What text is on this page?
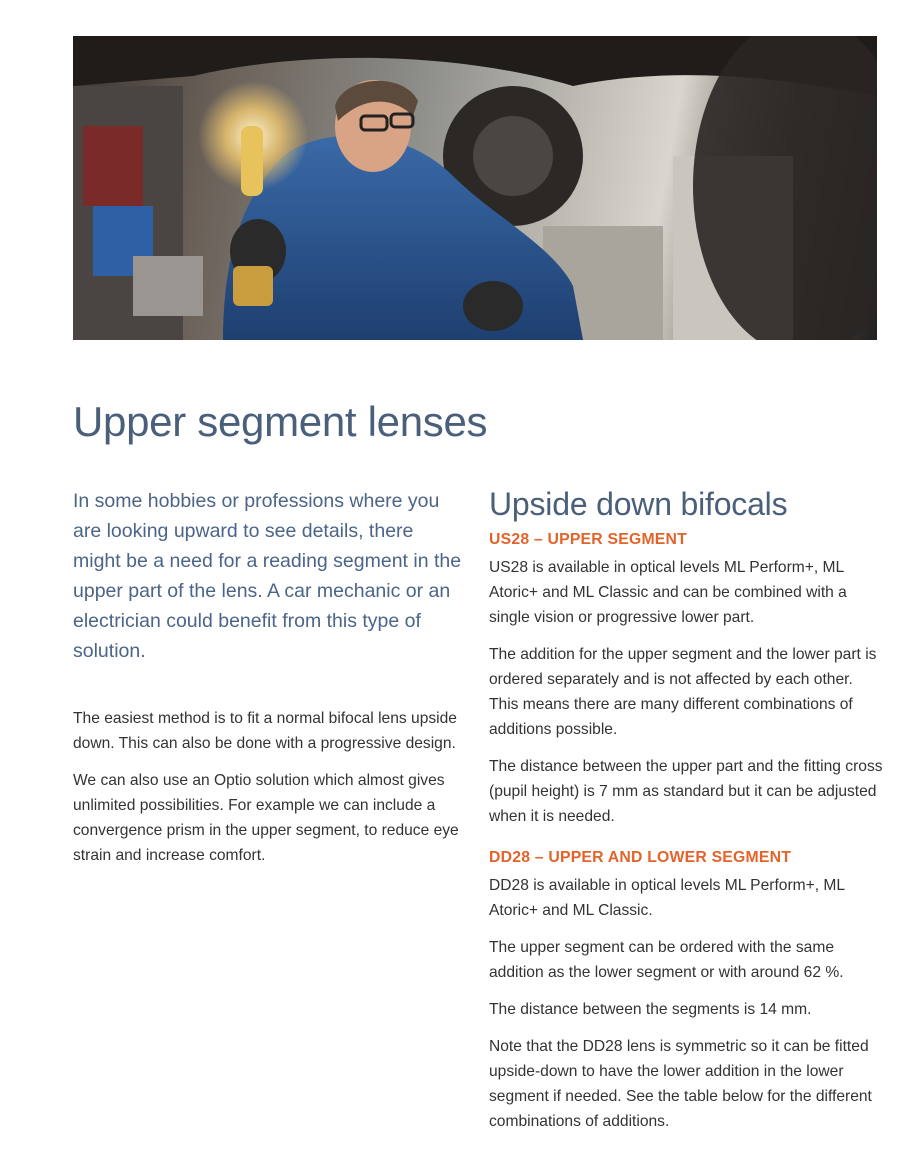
Upper segment lenses

In some hobbies or professions where you are looking upward to see details, there might be a need for a reading segment in the upper part of the lens. A car mechanic or an electrician could benefit from this type of solution.

The easiest method is to fit a normal bifocal lens upside down. This can also be done with a progressive design.

We can also use an Optio solution which almost gives unlimited possibilities. For example we can include a convergence prism in the upper segment, to reduce eye strain and increase comfort.

Upside down bifocals
US28 – UPPER SEGMENT

US28 is available in optical levels ML Perform+, ML Atoric+ and ML Classic and can be combined with a single vision or progressive lower part.

The addition for the upper segment and the lower part is ordered separately and is not affected by each other. This means there are many different combinations of additions possible.

The distance between the upper part and the fitting cross (pupil height) is 7 mm as standard but it can be adjusted when it is needed.

DD28 – UPPER AND LOWER SEGMENT

DD28 is available in optical levels ML Perform+, ML Atoric+ and ML Classic.

The upper segment can be ordered with the same addition as the lower segment or with around 62 %.

The distance between the segments is 14 mm.

Note that the DD28 lens is symmetric so it can be fitted upside-down to have the lower addition in the lower segment if needed. See the table below for the different combinations of additions.
